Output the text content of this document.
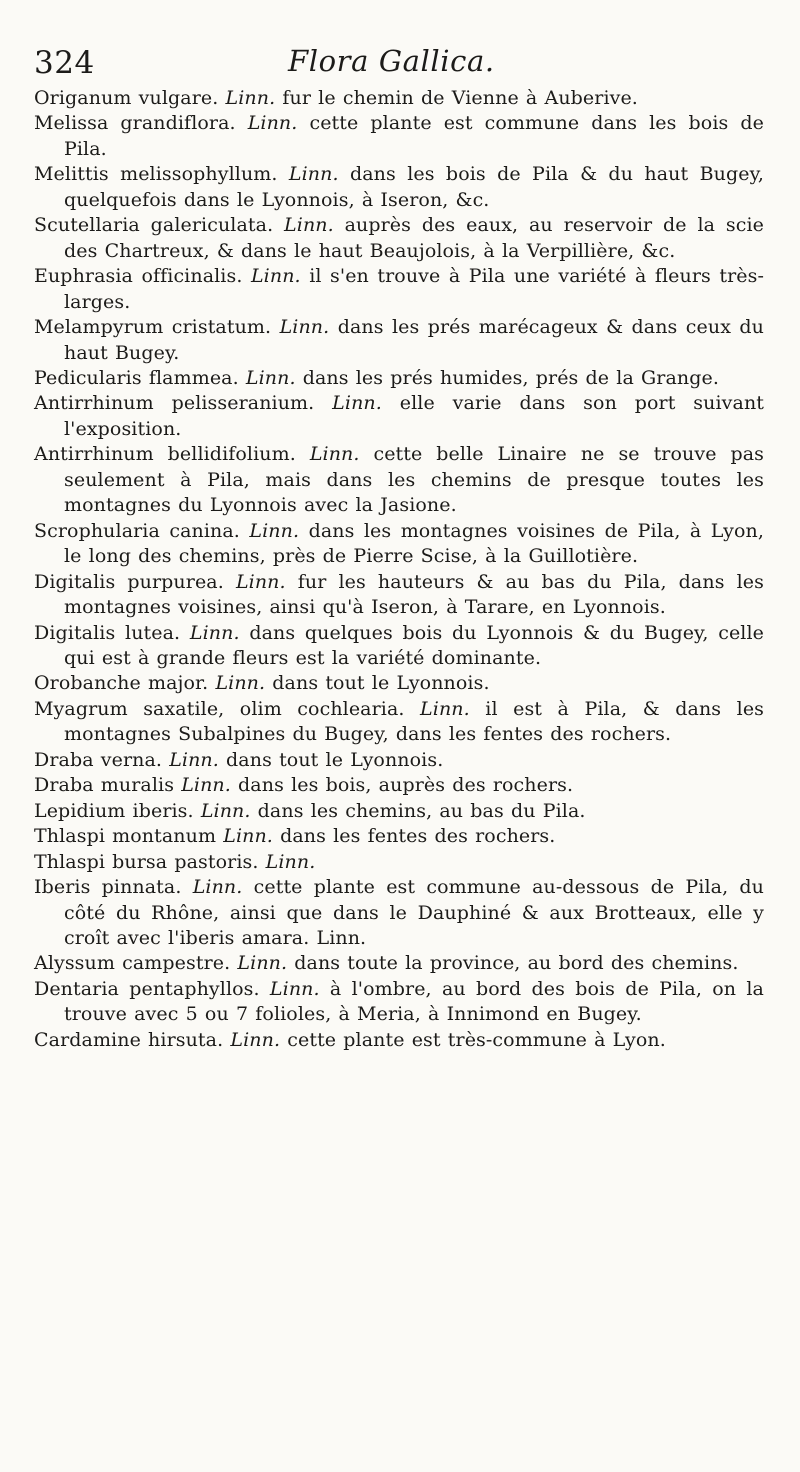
324	Flora Gallica.

Origanum vulgare. Linn. fur le chemin de Vienne à Auberive.

Melissa grandiflora. Linn. cette plante est commune dans les bois de Pila.

Melittis melissophyllum. Linn. dans les bois de Pila & du haut Bugey, quelquefois dans le Lyonnois, à Iseron, &c.

Scutellaria galericulata. Linn. auprès des eaux, au reservoir de la scie des Chartreux, & dans le haut Beaujolois, à la Verpillière, &c.

Euphrasia officinalis. Linn. il s'en trouve à Pila une variété à fleurs très-larges.

Melampyrum cristatum. Linn. dans les prés marécageux & dans ceux du haut Bugey.

Pedicularis flammea. Linn. dans les prés humides, prés de la Grange.

Antirrhinum pelisseranium. Linn. elle varie dans son port suivant l'exposition.

Antirrhinum bellidifolium. Linn. cette belle Linaire ne se trouve pas seulement à Pila, mais dans les chemins de presque toutes les montagnes du Lyonnois avec la Jasione.

Scrophularia canina. Linn. dans les montagnes voisines de Pila, à Lyon, le long des chemins, près de Pierre Scise, à la Guillotière.

Digitalis purpurea. Linn. fur les hauteurs & au bas du Pila, dans les montagnes voisines, ainsi qu'à Iseron, à Tarare, en Lyonnois.

Digitalis lutea. Linn. dans quelques bois du Lyonnois & du Bugey, celle qui est à grande fleurs est la variété dominante.

Orobanche major. Linn. dans tout le Lyonnois.

Myagrum saxatile, olim cochlearia. Linn. il est à Pila, & dans les montagnes Subalpines du Bugey, dans les fentes des rochers.

Draba verna. Linn. dans tout le Lyonnois.

Draba muralis Linn. dans les bois, auprès des rochers.

Lepidium iberis. Linn. dans les chemins, au bas du Pila.

Thlaspi montanum Linn. dans les fentes des rochers.

Thlaspi bursa pastoris. Linn.

Iberis pinnata. Linn. cette plante est commune au-dessous de Pila, du côté du Rhône, ainsi que dans le Dauphiné & aux Brotteaux, elle y croît avec l'iberis amara. Linn.

Alyssum campestre. Linn. dans toute la province, au bord des chemins.

Dentaria pentaphyllos. Linn. à l'ombre, au bord des bois de Pila, on la trouve avec 5 ou 7 folioles, à Meria, à Innimond en Bugey.

Cardamine hirsuta. Linn. cette plante est très-commune à Lyon.
